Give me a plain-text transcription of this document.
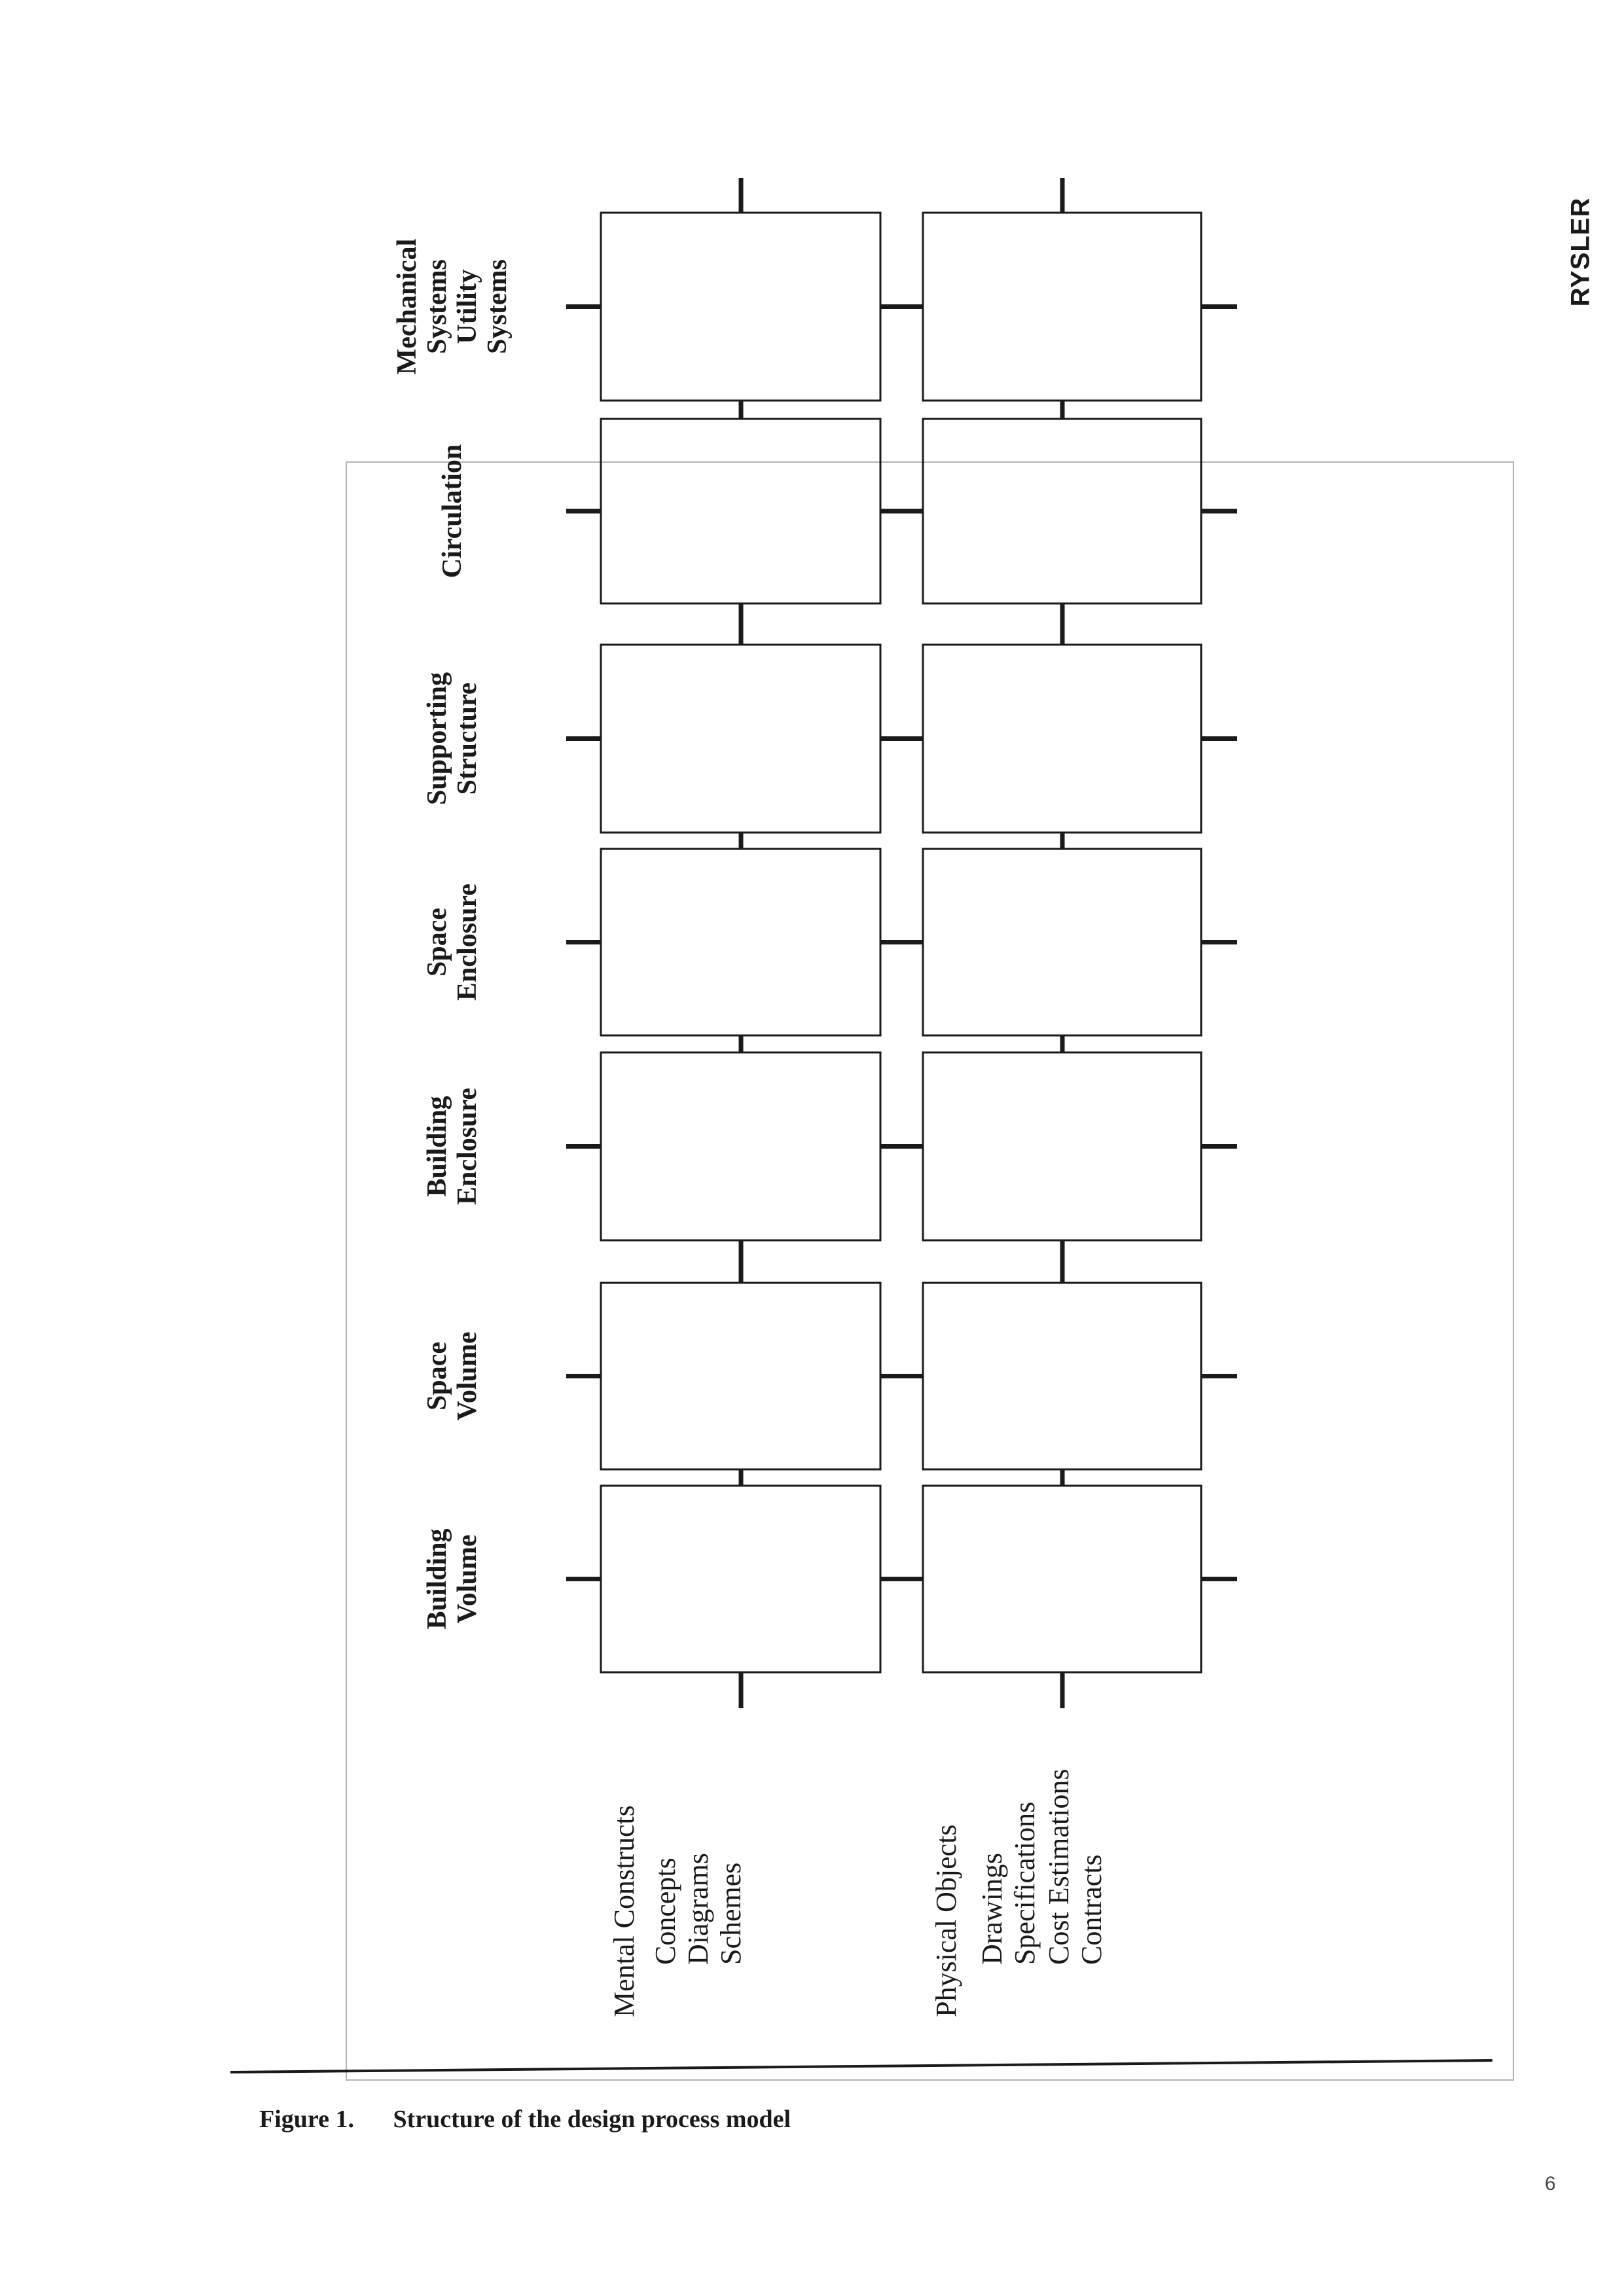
RYSLER
Building Volume
Space Volume
Building Enclosure
Space Enclosure
Supporting Structure
Circulation
Mechanical Systems Utility Systems
Mental Constructs Concepts Diagrams Schemes	Physical Objects Drawings Specifications Cost Estimations Contracts
Figure 1. Structure of the design process model
6
